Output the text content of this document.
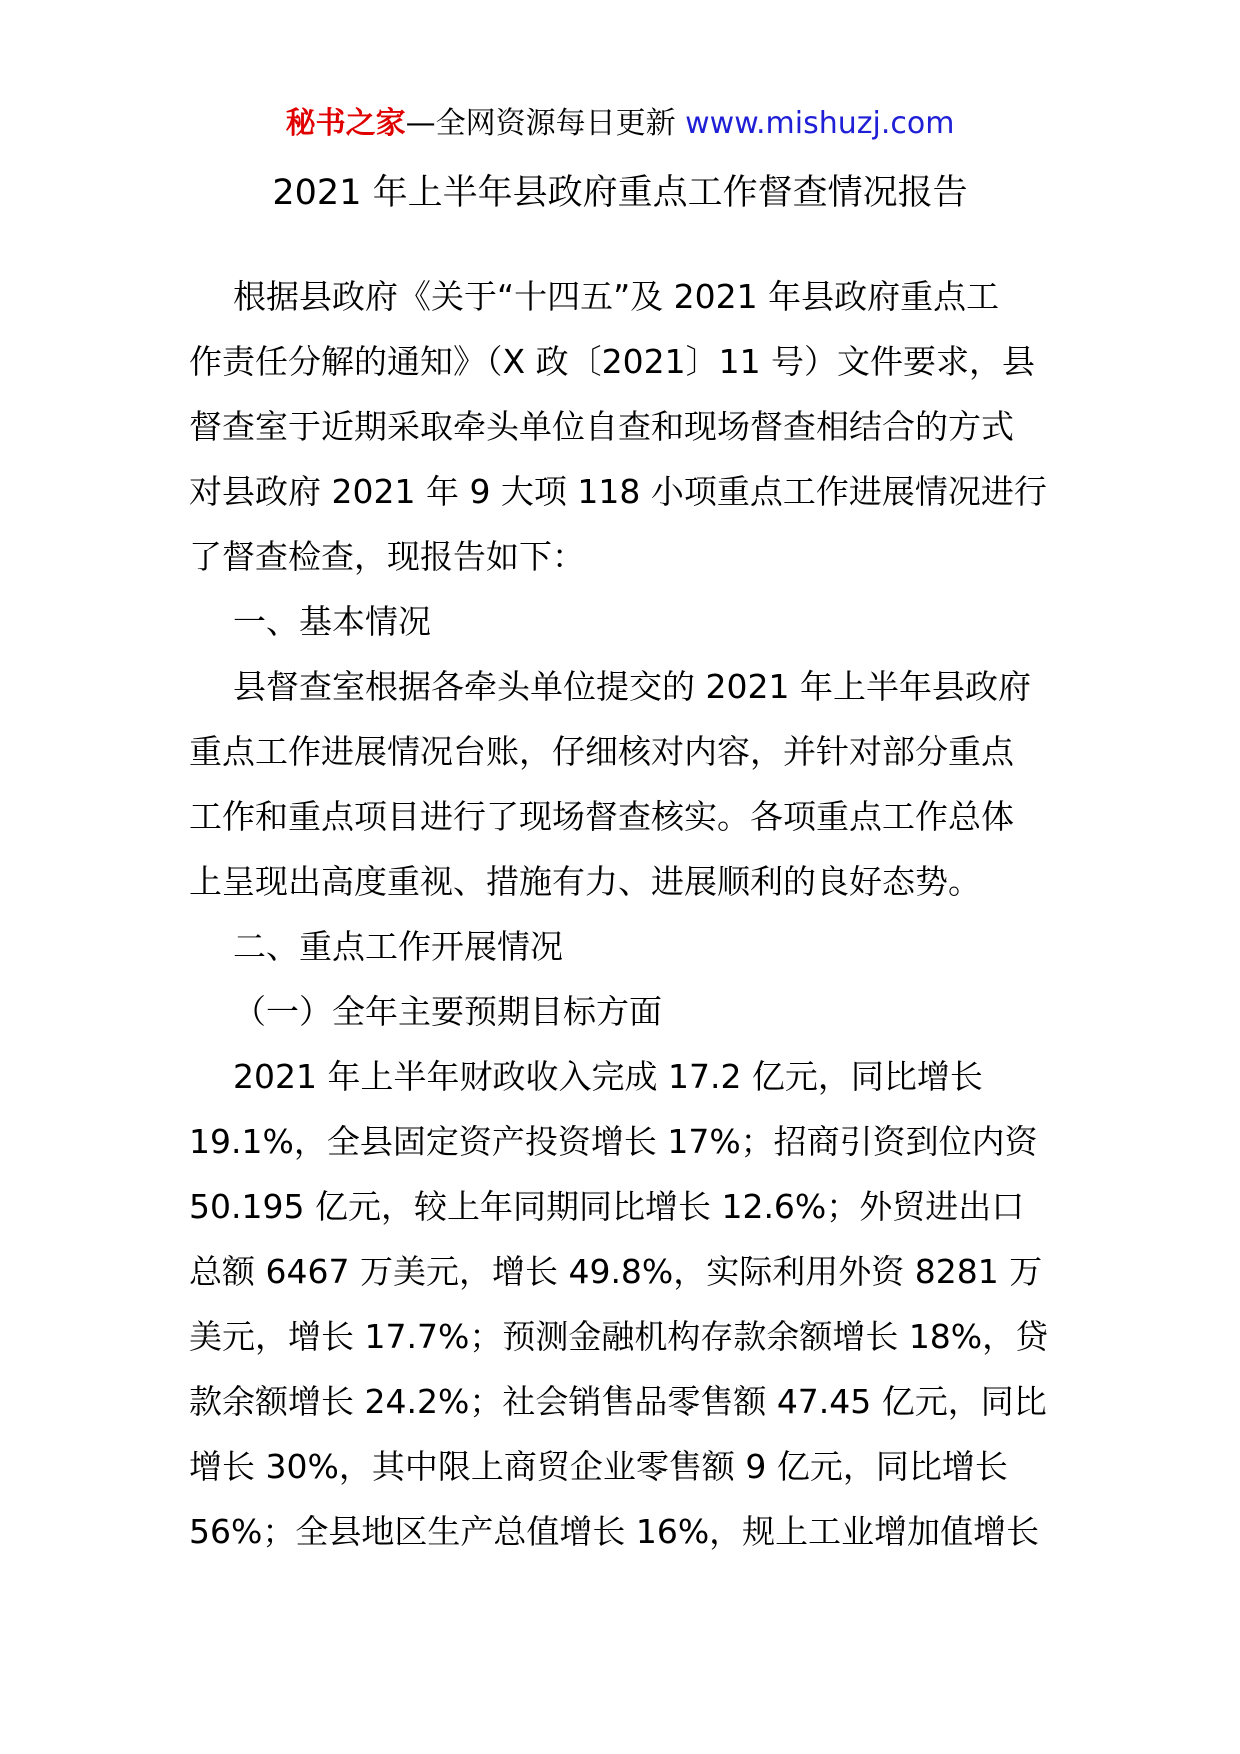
秘书之家—全网资源每日更新 www.mishuzj.com
2021 年上半年县政府重点工作督查情况报告
根据县政府《关于“十四五”及 2021 年县政府重点工
作责任分解的通知》（X 政〔2021〕11 号）文件要求，县
督查室于近期采取牵头单位自查和现场督查相结合的方式
对县政府 2021 年 9 大项 118 小项重点工作进展情况进行
了督查检查，现报告如下：
一、基本情况
县督查室根据各牵头单位提交的 2021 年上半年县政府
重点工作进展情况台账，仔细核对内容，并针对部分重点
工作和重点项目进行了现场督查核实。各项重点工作总体
上呈现出高度重视、措施有力、进展顺利的良好态势。
二、重点工作开展情况
（一）全年主要预期目标方面
2021 年上半年财政收入完成 17.2 亿元，同比增长
19.1%，全县固定资产投资增长 17%；招商引资到位内资
50.195 亿元，较上年同期同比增长 12.6%；外贸进出口
总额 6467 万美元，增长 49.8%，实际利用外资 8281 万
美元，增长 17.7%；预测金融机构存款余额增长 18%，贷
款余额增长 24.2%；社会销售品零售额 47.45 亿元，同比
增长 30%，其中限上商贸企业零售额 9 亿元，同比增长
56%；全县地区生产总值增长 16%，规上工业增加值增长
